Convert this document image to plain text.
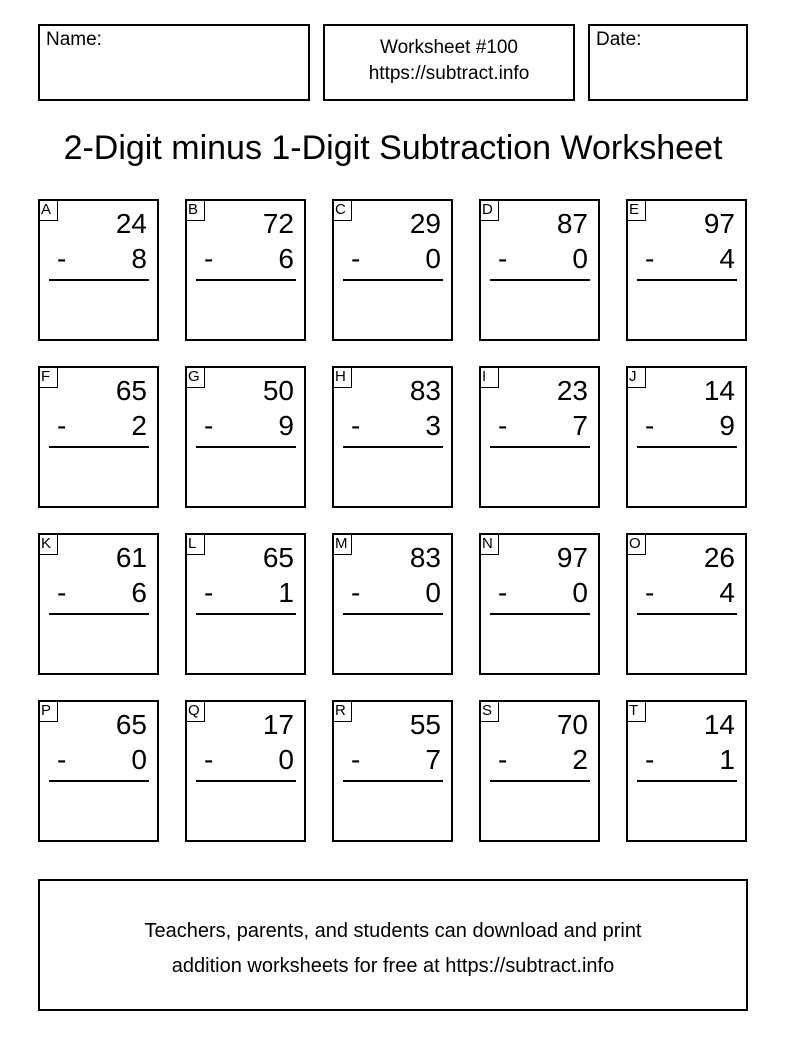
Name:	Worksheet #100
https://subtract.info
Date:
2-Digit minus 1-Digit Subtraction Worksheet
A 24
- 8
B 72
- 6
C 29
- 0
D 87
- 0
E 97
- 4
F 65
- 2
G 50
- 9
H 83
- 3
I	23
- 7
J	14
- 9
K 61
- 6
L	65
- 1
M 83
- 0
N 97
- 0
O 26
- 4
P 65
- 0
Q 17
- 0
R 55
- 7
S 70
- 2
T 14
- 1
Teachers, parents, and students can download and print
addition worksheets for free at https://subtract.info
